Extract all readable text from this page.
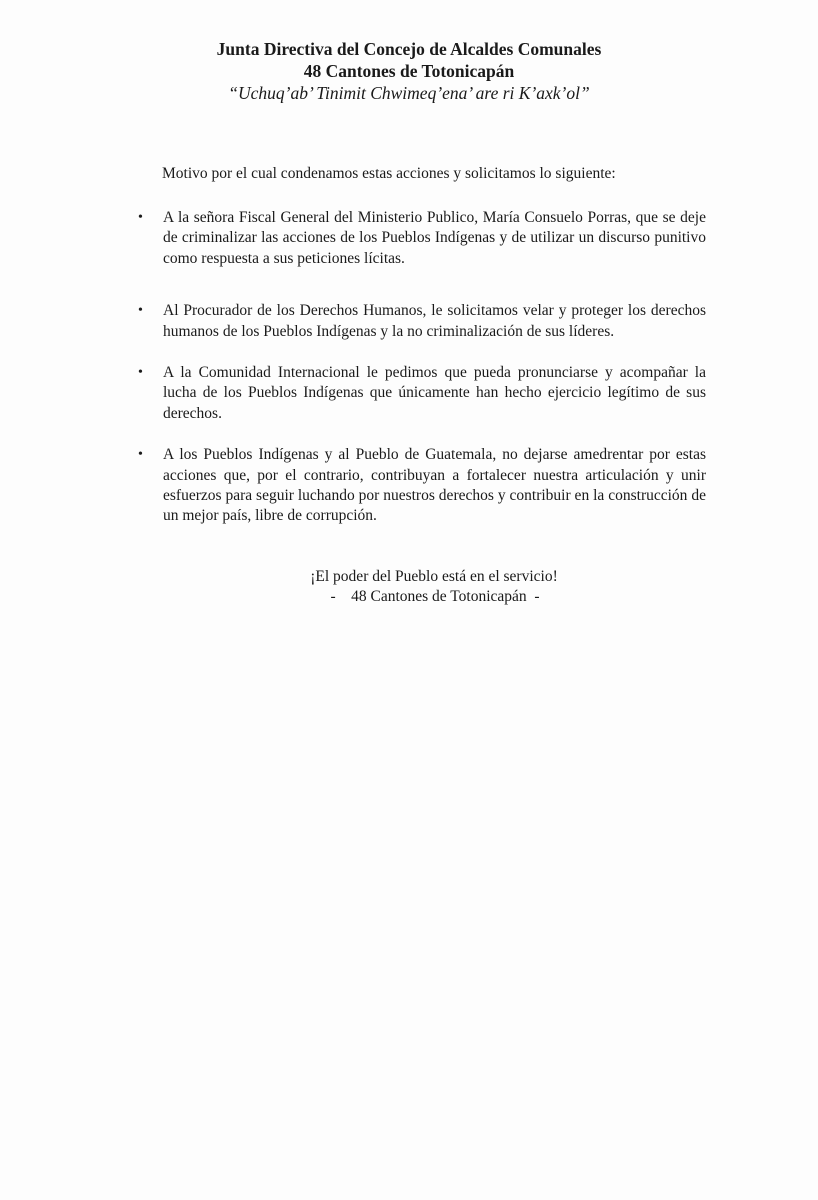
Junta Directiva del Concejo de Alcaldes Comunales
48 Cantones de Totonicapán
“Uchuq’ab’ Tinimit Chwimeq’ena’ are ri K’axk’ol”
Motivo por el cual condenamos estas acciones y solicitamos lo siguiente:
•	A la señora Fiscal General del Ministerio Publico, María Consuelo Porras, que se deje de criminalizar las acciones de los Pueblos Indígenas y de utilizar un discurso punitivo como respuesta a sus peticiones lícitas.
•	Al Procurador de los Derechos Humanos, le solicitamos velar y proteger los derechos humanos de los Pueblos Indígenas y la no criminalización de sus líderes.
•	A la Comunidad Internacional le pedimos que pueda pronunciarse y acompañar la lucha de los Pueblos Indígenas que únicamente han hecho ejercicio legítimo de sus derechos.
•	A los Pueblos Indígenas y al Pueblo de Guatemala, no dejarse amedrentar por estas acciones que, por el contrario, contribuyan a fortalecer nuestra articulación y unir esfuerzos para seguir luchando por nuestros derechos y contribuir en la construcción de un mejor país, libre de corrupción.
¡El poder del Pueblo está en el servicio!
-    48 Cantones de Totonicapán  -
